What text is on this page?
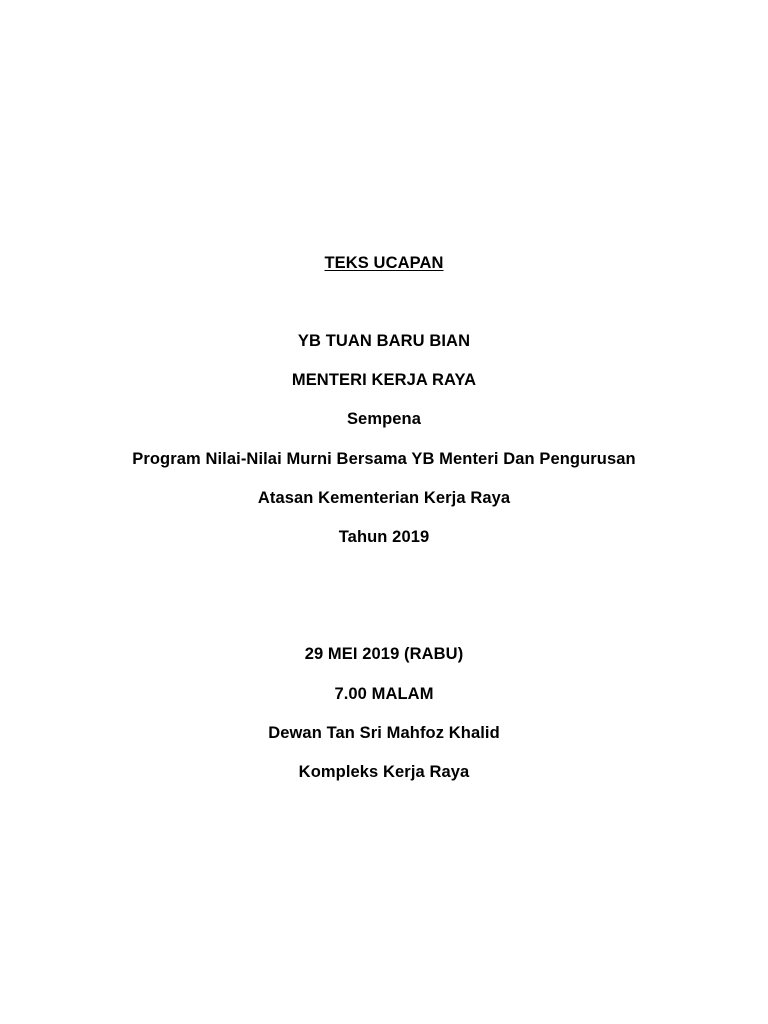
TEKS UCAPAN
YB TUAN BARU BIAN
MENTERI KERJA RAYA
Sempena
Program Nilai-Nilai Murni Bersama YB Menteri Dan Pengurusan
Atasan Kementerian Kerja Raya
Tahun 2019
29 MEI 2019 (RABU)
7.00 MALAM
Dewan Tan Sri Mahfoz Khalid
Kompleks Kerja Raya
